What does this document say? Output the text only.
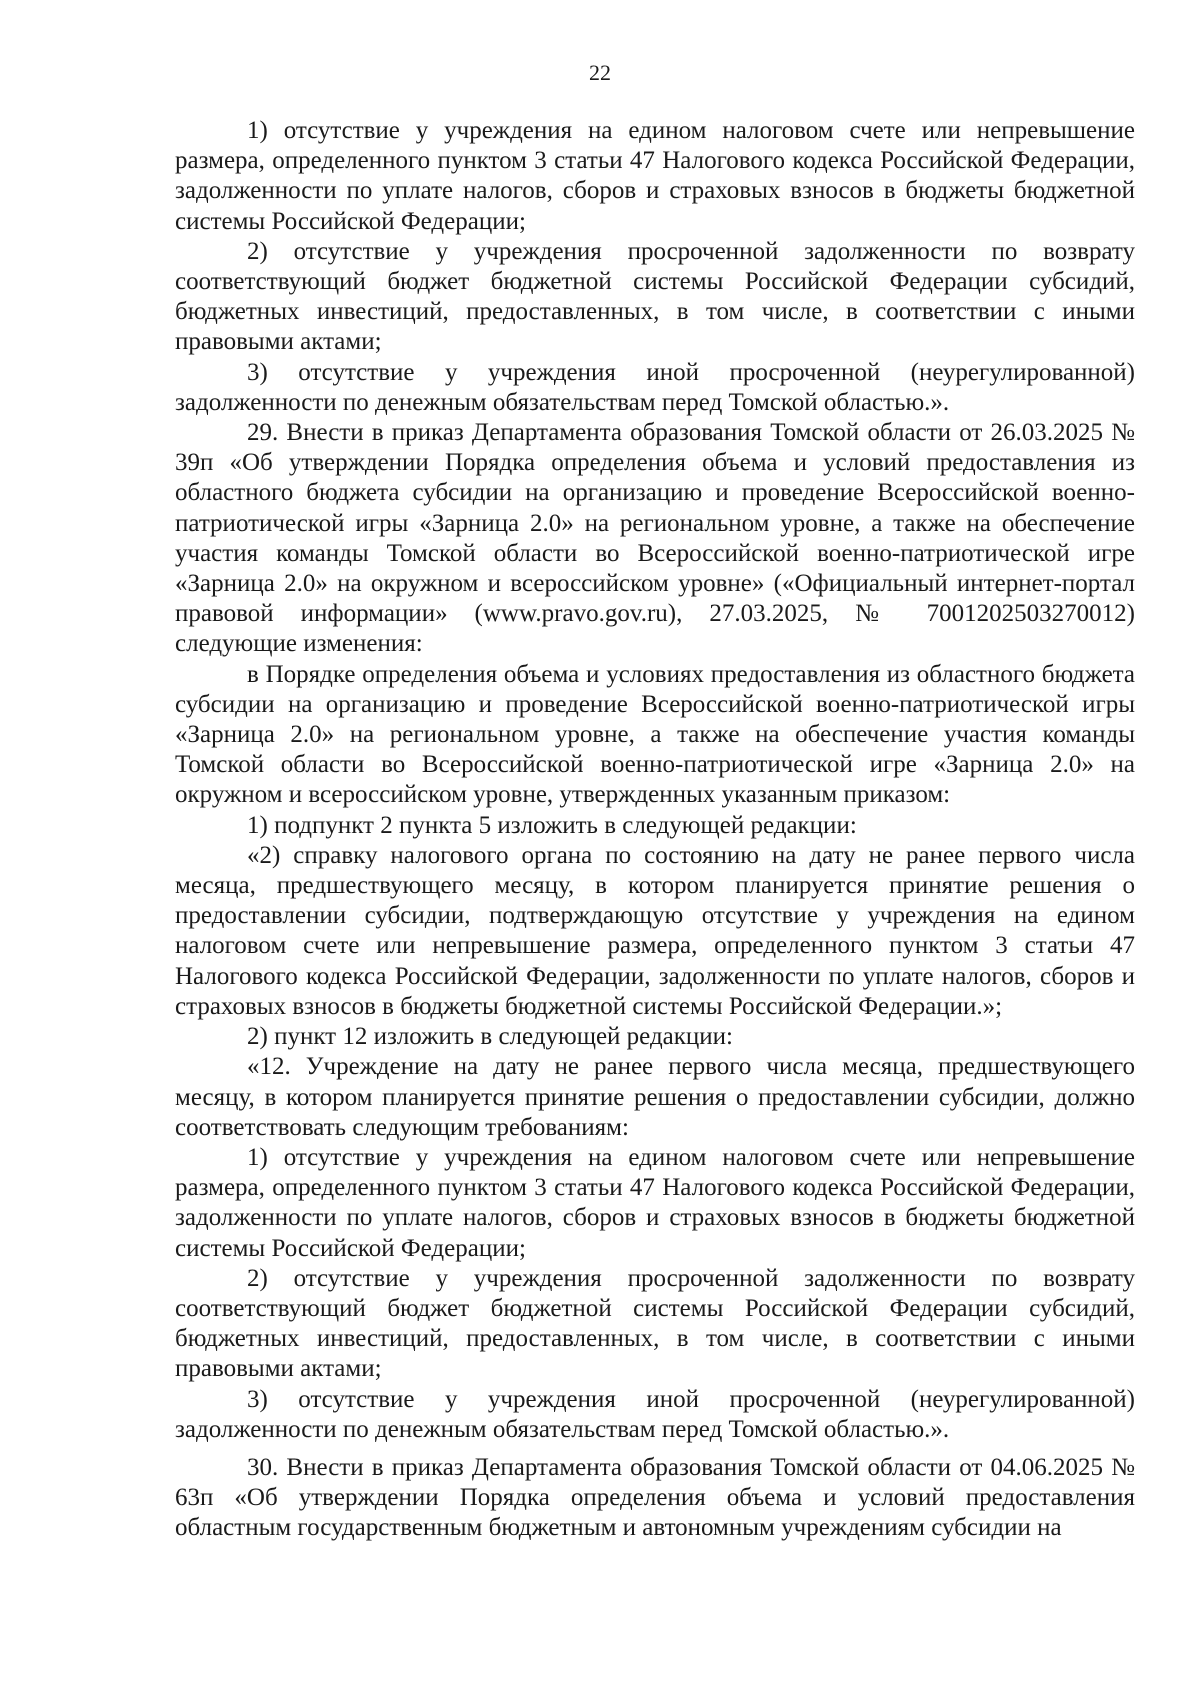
22

1) отсутствие у учреждения на едином налоговом счете или непревышение размера, определенного пунктом 3 статьи 47 Налогового кодекса Российской Федерации, задолженности по уплате налогов, сборов и страховых взносов в бюджеты бюджетной системы Российской Федерации;

2) отсутствие у учреждения просроченной задолженности по возврату соответствующий бюджет бюджетной системы Российской Федерации субсидий, бюджетных инвестиций, предоставленных, в том числе, в соответствии с иными правовыми актами;

3) отсутствие у учреждения иной просроченной (неурегулированной) задолженности по денежным обязательствам перед Томской областью.».

29. Внести в приказ Департамента образования Томской области от 26.03.2025 № 39п «Об утверждении Порядка определения объема и условий предоставления из областного бюджета субсидии на организацию и проведение Всероссийской военно-патриотической игры «Зарница 2.0» на региональном уровне, а также на обеспечение участия команды Томской области во Всероссийской военно-патриотической игре «Зарница 2.0» на окружном и всероссийском уровне» («Официальный интернет-портал правовой информации» (www.pravo.gov.ru), 27.03.2025, № 7001202503270012) следующие изменения:

в Порядке определения объема и условиях предоставления из областного бюджета субсидии на организацию и проведение Всероссийской военно-патриотической игры «Зарница 2.0» на региональном уровне, а также на обеспечение участия команды Томской области во Всероссийской военно-патриотической игре «Зарница 2.0» на окружном и всероссийском уровне, утвержденных указанным приказом:

1) подпункт 2 пункта 5 изложить в следующей редакции:

«2) справку налогового органа по состоянию на дату не ранее первого числа месяца, предшествующего месяцу, в котором планируется принятие решения о предоставлении субсидии, подтверждающую отсутствие у учреждения на едином налоговом счете или непревышение размера, определенного пунктом 3 статьи 47 Налогового кодекса Российской Федерации, задолженности по уплате налогов, сборов и страховых взносов в бюджеты бюджетной системы Российской Федерации.»;

2) пункт 12 изложить в следующей редакции:

«12. Учреждение на дату не ранее первого числа месяца, предшествующего месяцу, в котором планируется принятие решения о предоставлении субсидии, должно соответствовать следующим требованиям:

1) отсутствие у учреждения на едином налоговом счете или непревышение размера, определенного пунктом 3 статьи 47 Налогового кодекса Российской Федерации, задолженности по уплате налогов, сборов и страховых взносов в бюджеты бюджетной системы Российской Федерации;

2) отсутствие у учреждения просроченной задолженности по возврату соответствующий бюджет бюджетной системы Российской Федерации субсидий, бюджетных инвестиций, предоставленных, в том числе, в соответствии с иными правовыми актами;

3) отсутствие у учреждения иной просроченной (неурегулированной) задолженности по денежным обязательствам перед Томской областью.».

30. Внести в приказ Департамента образования Томской области от 04.06.2025 № 63п «Об утверждении Порядка определения объема и условий предоставления областным государственным бюджетным и автономным учреждениям субсидии на
